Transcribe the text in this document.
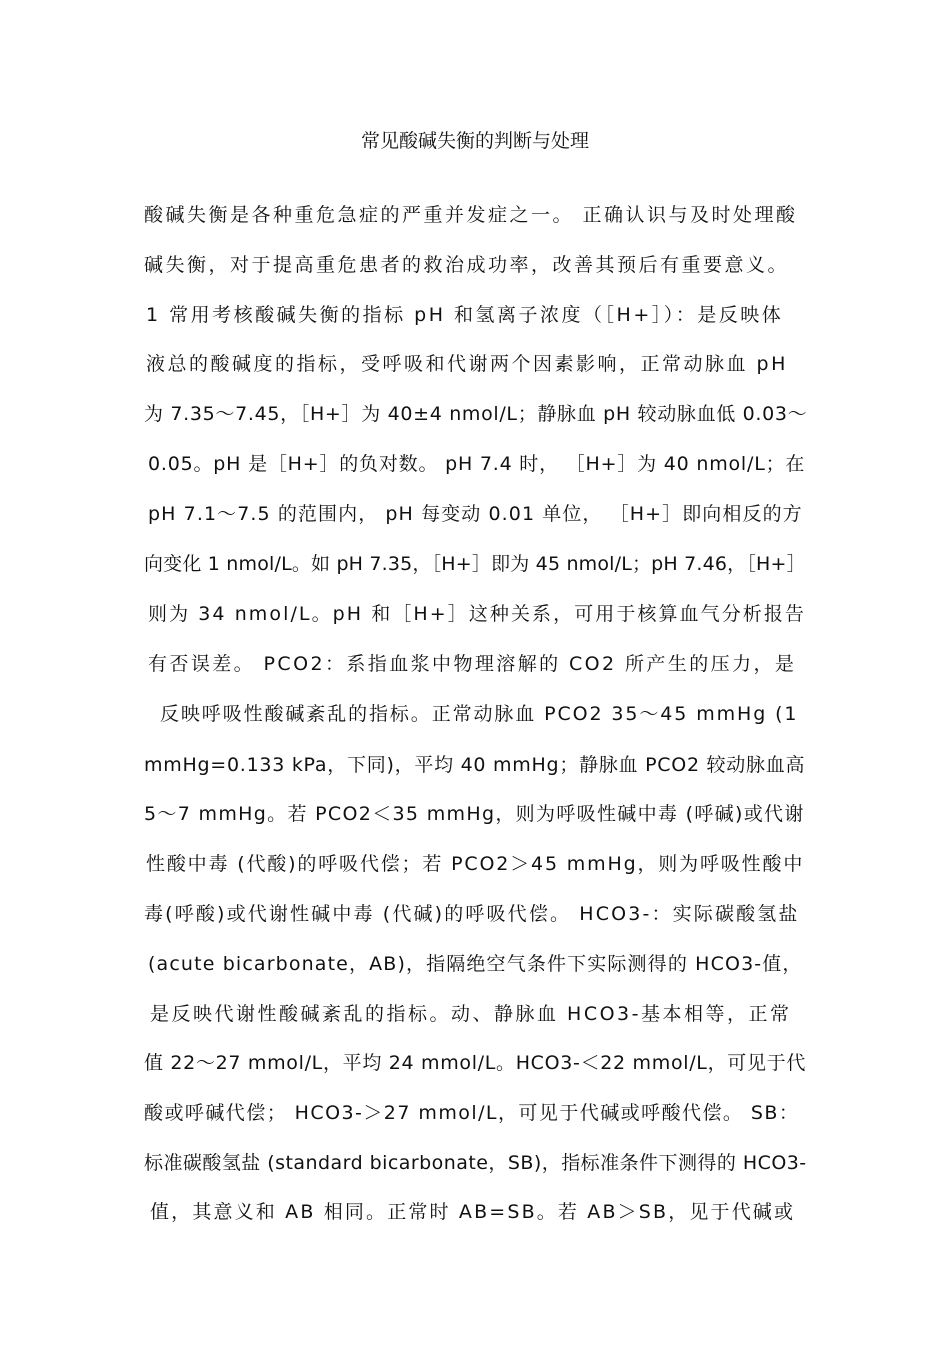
常见酸碱失衡的判断与处理
酸碱失衡是各种重危急症的严重并发症之一。 正确认识与及时处理酸
碱失衡，对于提高重危患者的救治成功率，改善其预后有重要意义。
1 常用考核酸碱失衡的指标 pH 和氢离子浓度（［H+］）：是反映体
液总的酸碱度的指标，受呼吸和代谢两个因素影响，正常动脉血 pH
为 7.35～7.45，［H+］为 40±4 nmol/L；静脉血 pH 较动脉血低 0.03～
0.05。pH 是［H+］的负对数。 pH 7.4 时， ［H+］为 40 nmol/L；在
pH 7.1～7.5 的范围内， pH 每变动 0.01 单位， ［H+］即向相反的方
向变化 1 nmol/L。如 pH 7.35，［H+］即为 45 nmol/L；pH 7.46，［H+］
则为 34 nmol/L。pH 和［H+］这种关系，可用于核算血气分析报告
有否误差。 PCO2：系指血浆中物理溶解的 CO2 所产生的压力，是
反映呼吸性酸碱紊乱的指标。正常动脉血 PCO2 35～45 mmHg (1
mmHg=0.133 kPa，下同)，平均 40 mmHg；静脉血 PCO2 较动脉血高
5～7 mmHg。若 PCO2＜35 mmHg，则为呼吸性碱中毒 (呼碱)或代谢
性酸中毒 (代酸)的呼吸代偿；若 PCO2＞45 mmHg，则为呼吸性酸中
毒(呼酸)或代谢性碱中毒 (代碱)的呼吸代偿。 HCO3-：实际碳酸氢盐
(acute bicarbonate，AB)，指隔绝空气条件下实际测得的 HCO3-值，
是反映代谢性酸碱紊乱的指标。动、静脉血 HCO3-基本相等，正常
值 22～27 mmol/L，平均 24 mmol/L。HCO3-＜22 mmol/L，可见于代
酸或呼碱代偿； HCO3-＞27 mmol/L，可见于代碱或呼酸代偿。 SB：
标准碳酸氢盐 (standard bicarbonate，SB)，指标准条件下测得的 HCO3-
值，其意义和 AB 相同。正常时 AB=SB。若 AB＞SB，见于代碱或
